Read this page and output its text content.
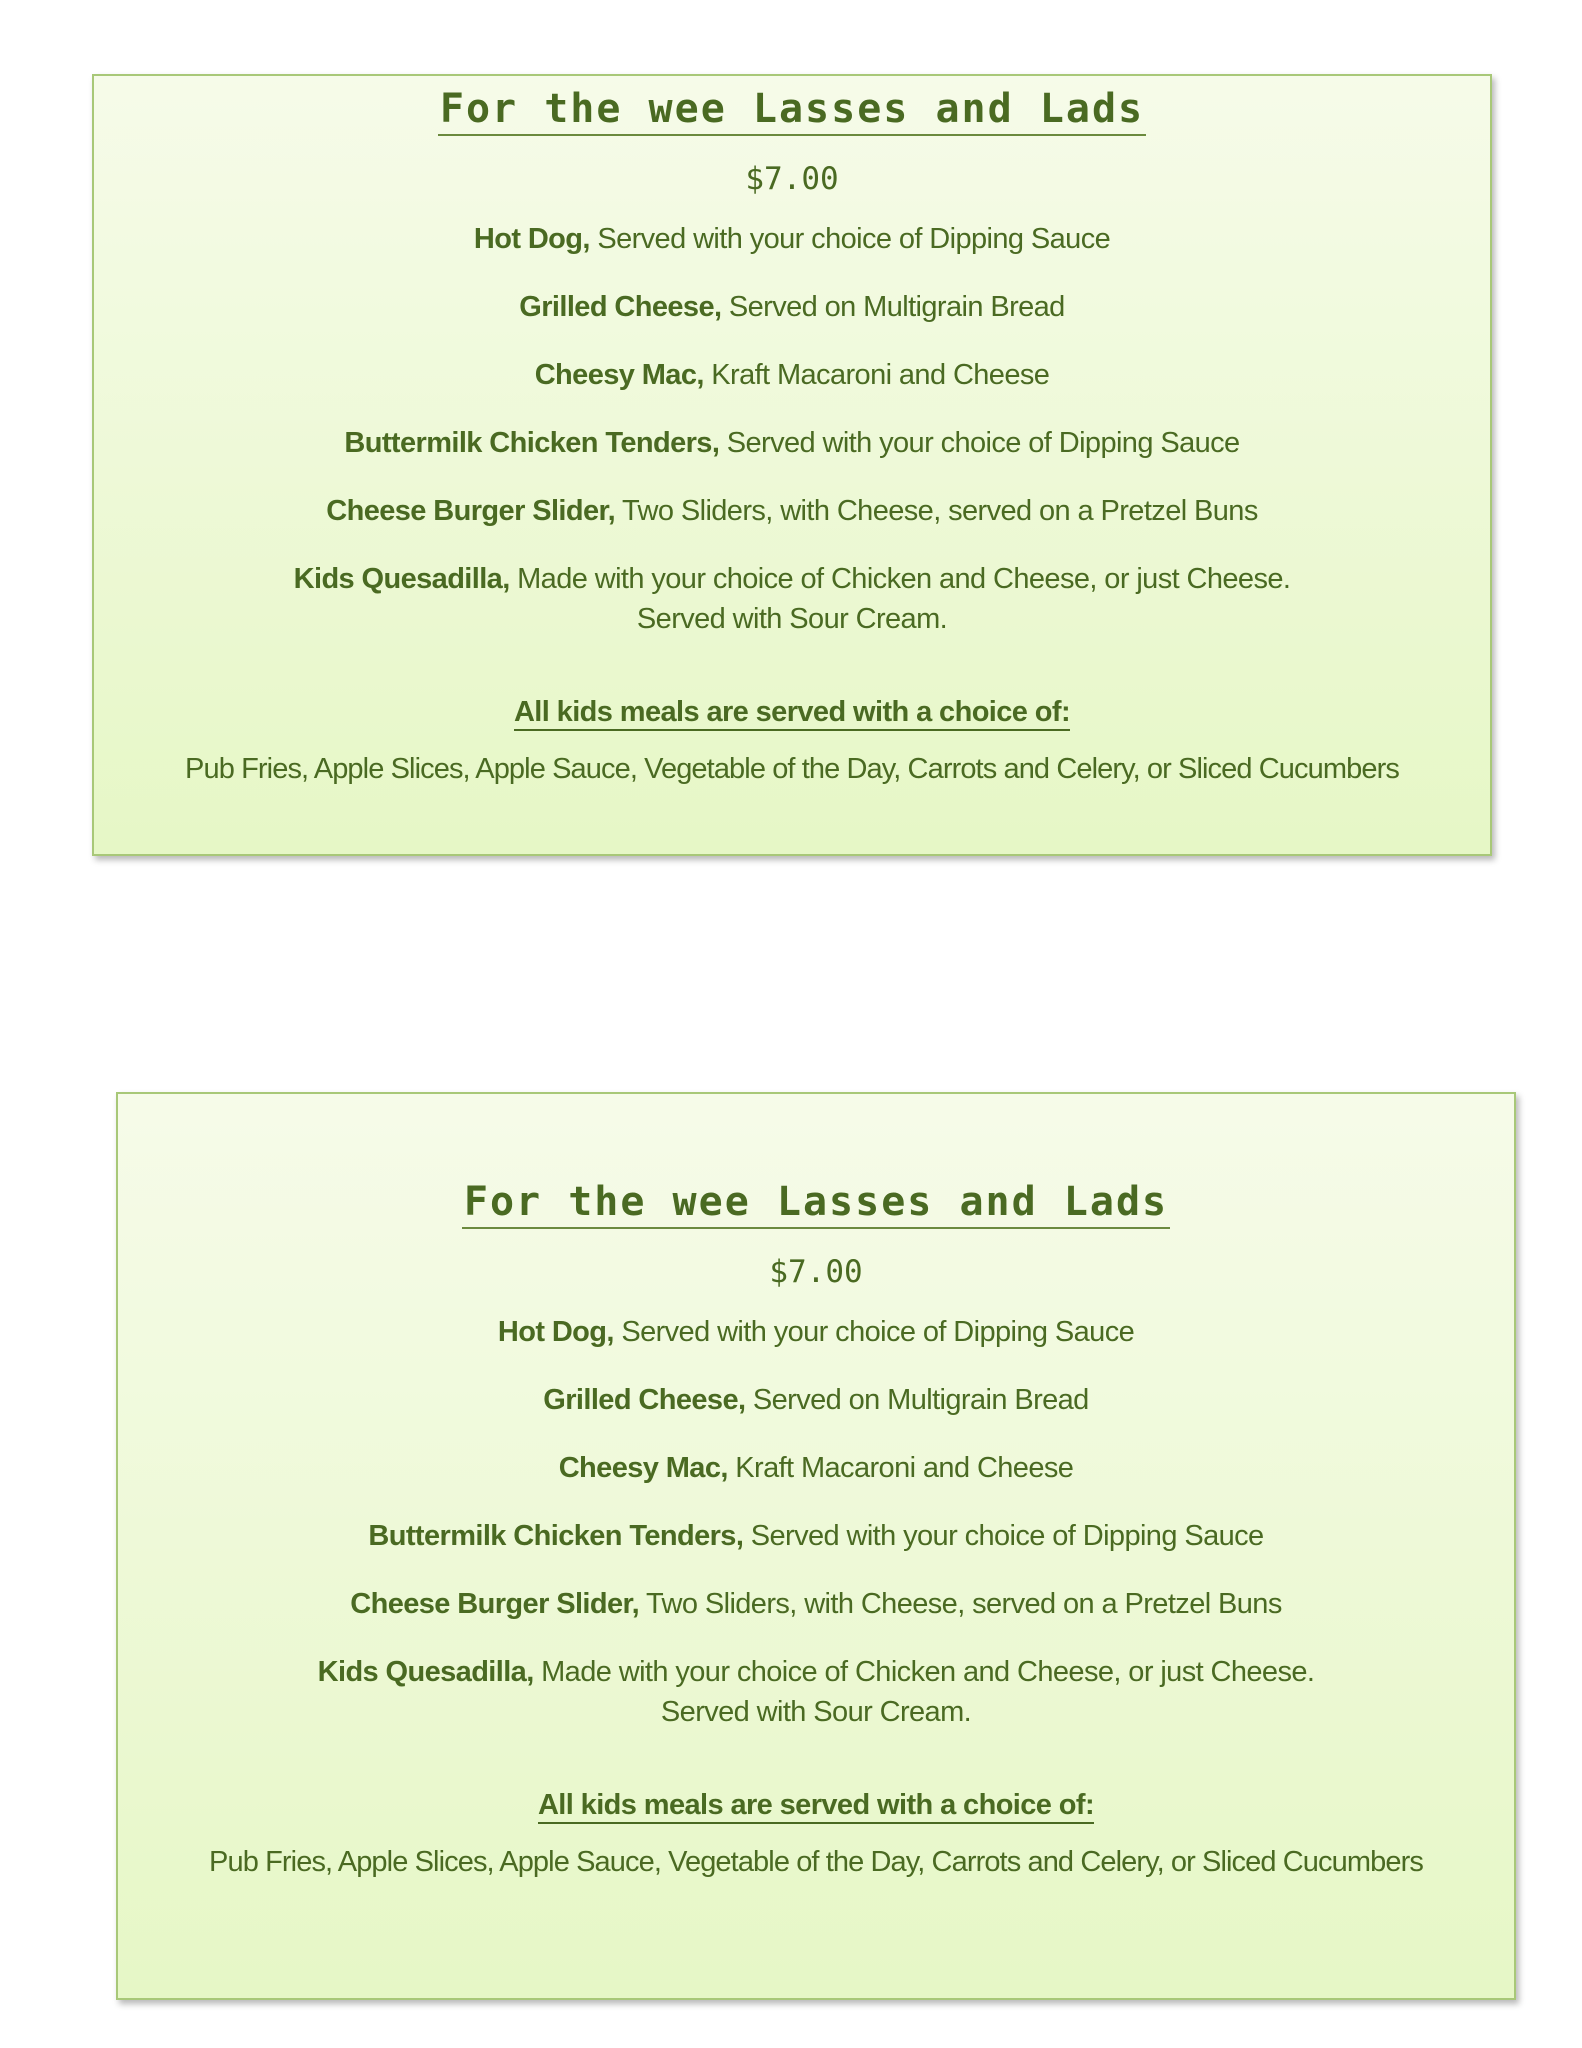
For the wee Lasses and Lads
$7.00
Hot Dog, Served with your choice of Dipping Sauce
Grilled Cheese, Served on Multigrain Bread
Cheesy Mac, Kraft Macaroni and Cheese
Buttermilk Chicken Tenders, Served with your choice of Dipping Sauce
Cheese Burger Slider, Two Sliders, with Cheese, served on a Pretzel Buns
Kids Quesadilla, Made with your choice of Chicken and Cheese, or just Cheese.
Served with Sour Cream.
All kids meals are served with a choice of:
Pub Fries, Apple Slices, Apple Sauce, Vegetable of the Day, Carrots and Celery, or Sliced Cucumbers
For the wee Lasses and Lads
$7.00
Hot Dog, Served with your choice of Dipping Sauce
Grilled Cheese, Served on Multigrain Bread
Cheesy Mac, Kraft Macaroni and Cheese
Buttermilk Chicken Tenders, Served with your choice of Dipping Sauce
Cheese Burger Slider, Two Sliders, with Cheese, served on a Pretzel Buns
Kids Quesadilla, Made with your choice of Chicken and Cheese, or just Cheese.
Served with Sour Cream.
All kids meals are served with a choice of:
Pub Fries, Apple Slices, Apple Sauce, Vegetable of the Day, Carrots and Celery, or Sliced Cucumbers
